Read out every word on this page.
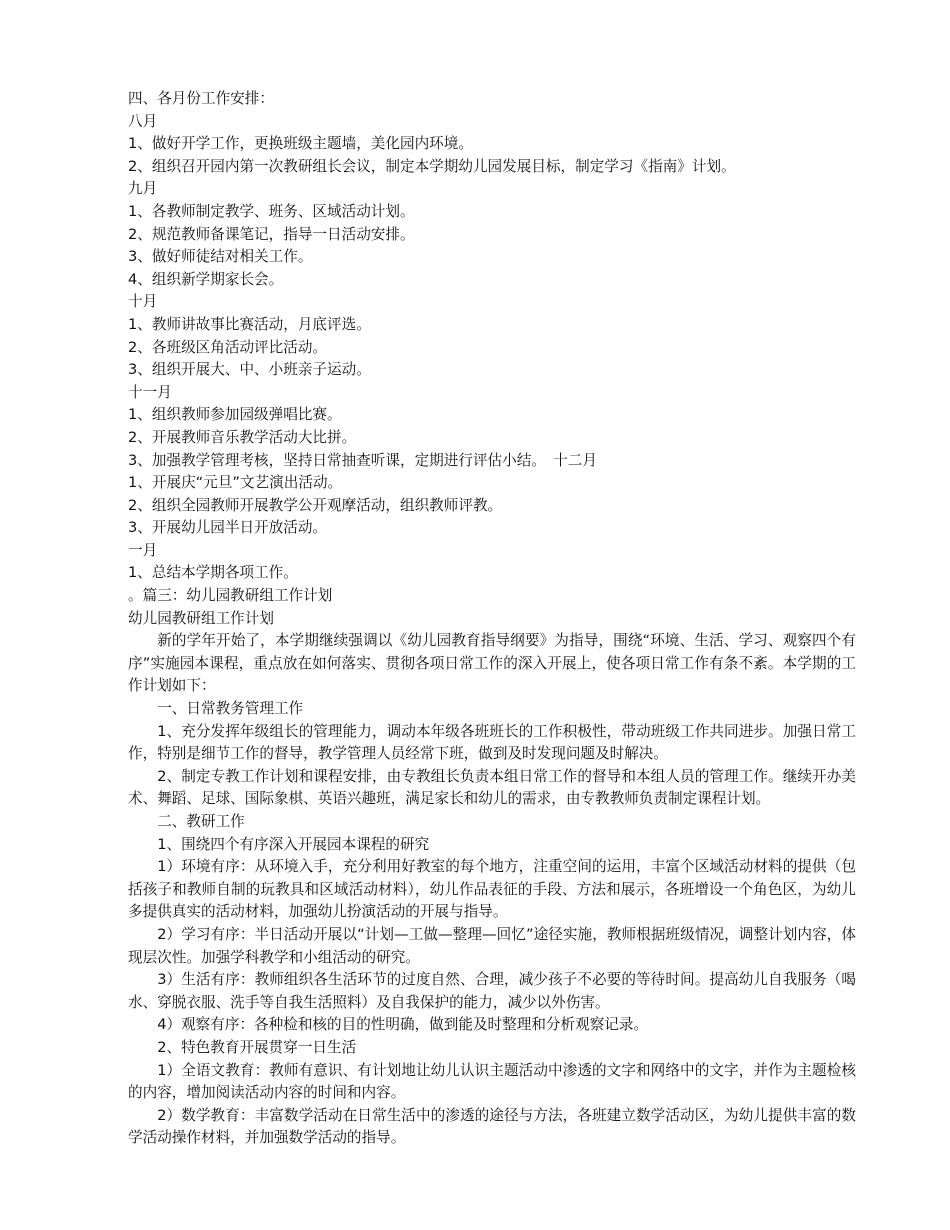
四、各月份工作安排：

八月

1、做好开学工作，更换班级主题墙，美化园内环境。

2、组织召开园内第一次教研组长会议，制定本学期幼儿园发展目标，制定学习《指南》计划。

九月

1、各教师制定教学、班务、区域活动计划。

2、规范教师备课笔记，指导一日活动安排。

3、做好师徒结对相关工作。

4、组织新学期家长会。

十月

1、教师讲故事比赛活动，月底评选。

2、各班级区角活动评比活动。

3、组织开展大、中、小班亲子运动。

十一月

1、组织教师参加园级弹唱比赛。

2、开展教师音乐教学活动大比拼。

3、加强教学管理考核，坚持日常抽查听课，定期进行评估小结。　十二月

1、开展庆“元旦”文艺演出活动。

2、组织全园教师开展教学公开观摩活动，组织教师评教。

3、开展幼儿园半日开放活动。

一月

1、总结本学期各项工作。

。篇三：幼儿园教研组工作计划

幼儿园教研组工作计划

新的学年开始了，本学期继续强调以《幼儿园教育指导纲要》为指导，围绕“环境、生活、学习、观察四个有序”实施园本课程，重点放在如何落实、贯彻各项日常工作的深入开展上，使各项日常工作有条不紊。本学期的工作计划如下：

一、日常教务管理工作

1、充分发挥年级组长的管理能力，调动本年级各班班长的工作积极性，带动班级工作共同进步。加强日常工作，特别是细节工作的督导，教学管理人员经常下班，做到及时发现问题及时解决。

2、制定专教工作计划和课程安排，由专教组长负责本组日常工作的督导和本组人员的管理工作。继续开办美术、舞蹈、足球、国际象棋、英语兴趣班，满足家长和幼儿的需求，由专教教师负责制定课程计划。

二、教研工作

1、围绕四个有序深入开展园本课程的研究

1）环境有序：从环境入手，充分利用好教室的每个地方，注重空间的运用，丰富个区域活动材料的提供（包括孩子和教师自制的玩教具和区域活动材料），幼儿作品表征的手段、方法和展示，各班增设一个角色区，为幼儿多提供真实的活动材料，加强幼儿扮演活动的开展与指导。

2）学习有序：半日活动开展以“计划—工做—整理—回忆”途径实施，教师根据班级情况，调整计划内容，体现层次性。加强学科教学和小组活动的研究。

3）生活有序：教师组织各生活环节的过度自然、合理，减少孩子不必要的等待时间。提高幼儿自我服务（喝水、穿脱衣服、洗手等自我生活照料）及自我保护的能力，减少以外伤害。

4）观察有序：各种检和核的目的性明确，做到能及时整理和分析观察记录。

2、特色教育开展贯穿一日生活

1）全语文教育：教师有意识、有计划地让幼儿认识主题活动中渗透的文字和网络中的文字，并作为主题检核的内容，增加阅读活动内容的时间和内容。

2）数学教育：丰富数学活动在日常生活中的渗透的途径与方法，各班建立数学活动区，为幼儿提供丰富的数学活动操作材料，并加强数学活动的指导。
